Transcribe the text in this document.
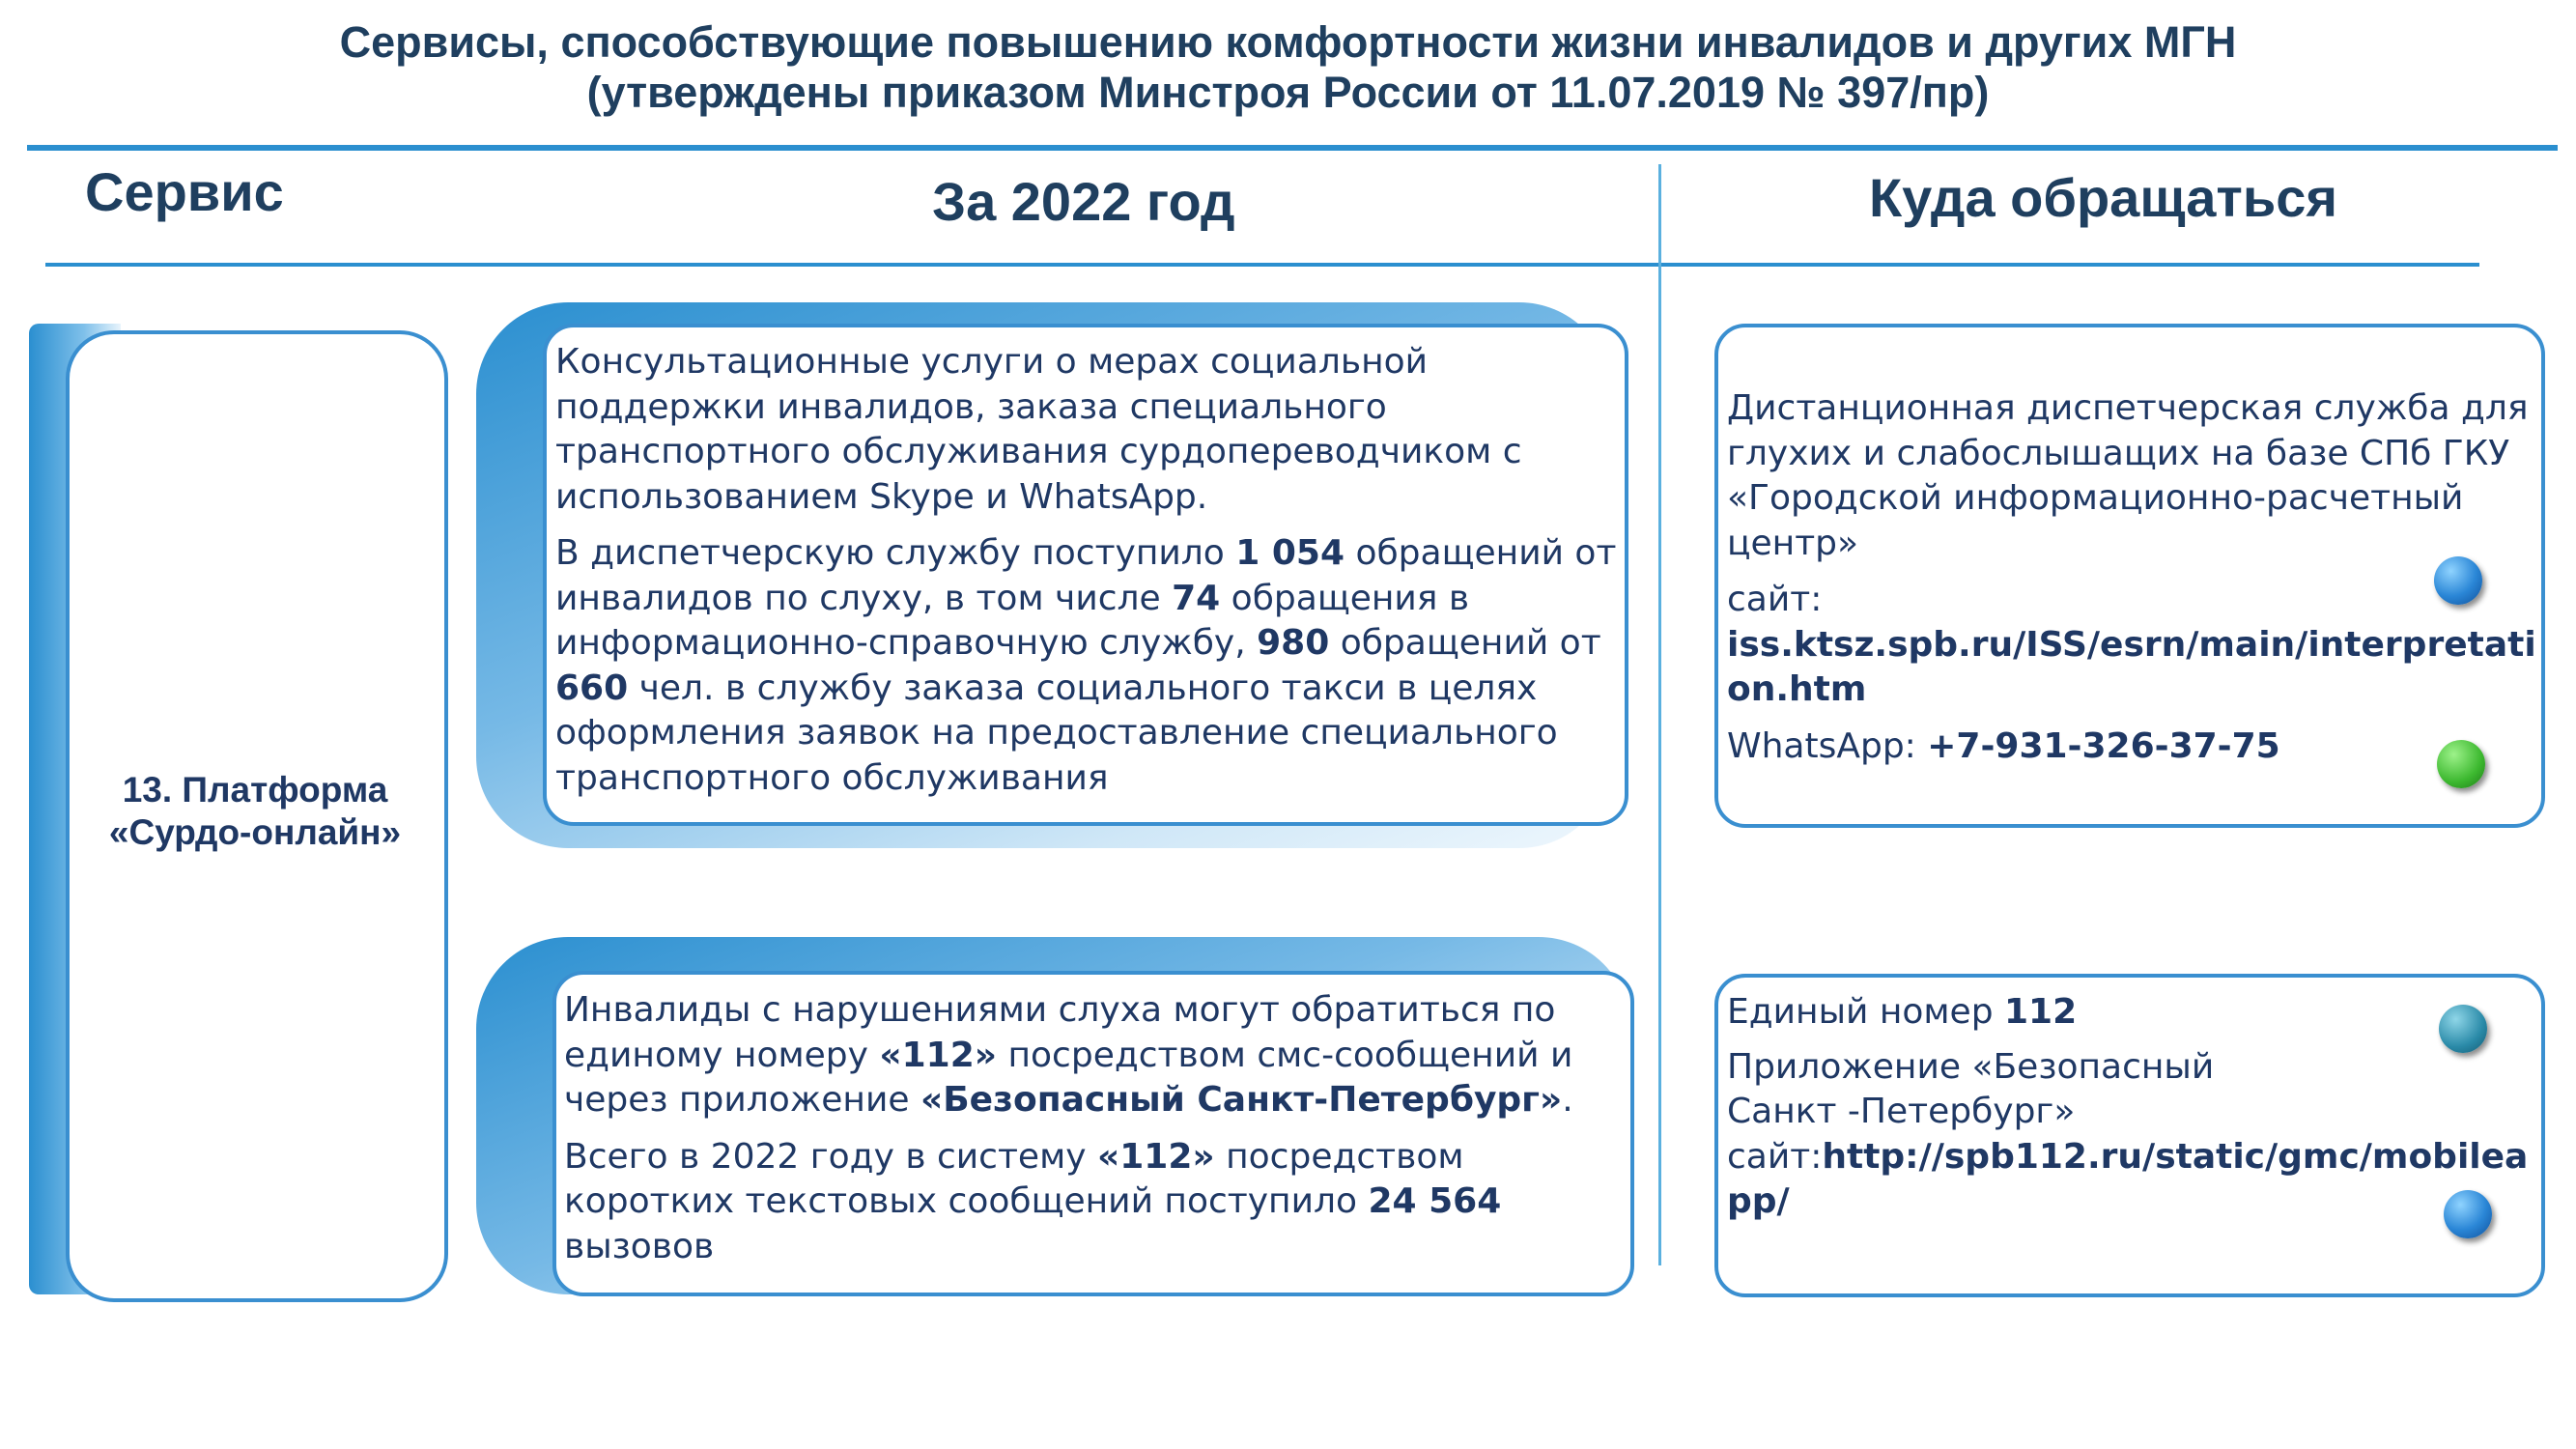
Сервисы, способствующие повышению комфортности жизни инвалидов и других МГН
(утверждены приказом Минстроя России от 11.07.2019 № 397/пр)
Сервис	За 2022 год	Куда обращаться
13. Платформа
«Сурдо-онлайн»

Консультационные услуги о мерах социальной поддержки инвалидов, заказа специального транспортного обслуживания сурдопереводчиком с использованием Skype и WhatsApp.

В диспетчерскую службу поступило 1 054 обращений от инвалидов по слуху, в том числе 74 обращения в информационно-справочную службу, 980 обращений от 660 чел. в службу заказа социального такси в целях оформления заявок на предоставление специального транспортного обслуживания

Инвалиды с нарушениями слуха могут обратиться по единому номеру «112» посредством смс-сообщений и через приложение «Безопасный Санкт-Петербург».

Всего в 2022 году в систему «112» посредством коротких текстовых сообщений поступило 24 564 вызовов

Дистанционная диспетчерская служба для глухих и слабослышащих на базе СПб ГКУ «Городской информационно-расчетный центр»
сайт:
iss.ktsz.spb.ru/ISS/esrn/main/interpretation.htm
WhatsApp: +7-931-326-37-75
Единый номер 112
Приложение «Безопасный Санкт -Петербург»
сайт:http://spb112.ru/static/gmc/mobileapp/
